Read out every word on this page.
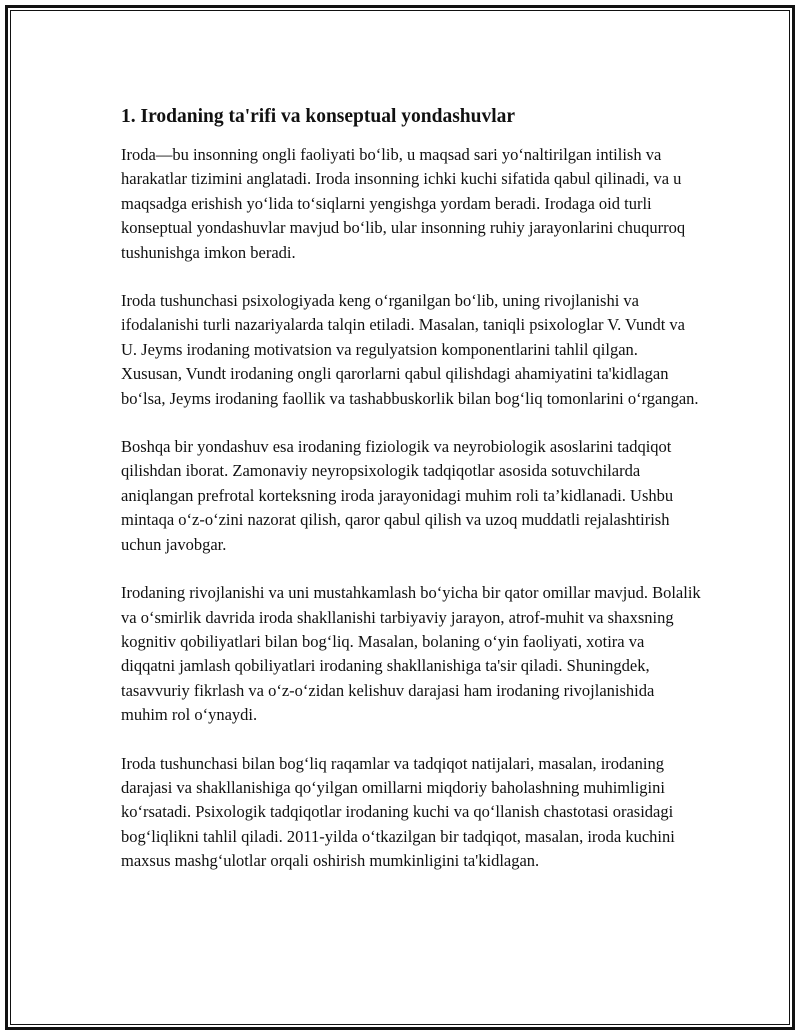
1. Irodaning ta'rifi va konseptual yondashuvlar

Iroda—bu insonning ongli faoliyati bo‘lib, u maqsad sari yo‘naltirilgan intilish va harakatlar tizimini anglatadi. Iroda insonning ichki kuchi sifatida qabul qilinadi, va u maqsadga erishish yo‘lida to‘siqlarni yengishga yordam beradi. Irodaga oid turli konseptual yondashuvlar mavjud bo‘lib, ular insonning ruhiy jarayonlarini chuqurroq tushunishga imkon beradi.

Iroda tushunchasi psixologiyada keng o‘rganilgan bo‘lib, uning rivojlanishi va ifodalanishi turli nazariyalarda talqin etiladi. Masalan, taniqli psixologlar V. Vundt va U. Jeyms irodaning motivatsion va regulyatsion komponentlarini tahlil qilgan. Xususan, Vundt irodaning ongli qarorlarni qabul qilishdagi ahamiyatini ta'kidlagan bo‘lsa, Jeyms irodaning faollik va tashabbuskorlik bilan bog‘liq tomonlarini o‘rgangan.

Boshqa bir yondashuv esa irodaning fiziologik va neyrobiologik asoslarini tadqiqot qilishdan iborat. Zamonaviy neyropsixologik tadqiqotlar asosida sotuvchilarda aniqlangan prefrotal korteksning iroda jarayonidagi muhim roli ta’kidlanadi. Ushbu mintaqa o‘z-o‘zini nazorat qilish, qaror qabul qilish va uzoq muddatli rejalashtirish uchun javobgar.

Irodaning rivojlanishi va uni mustahkamlash bo‘yicha bir qator omillar mavjud. Bolalik va o‘smirlik davrida iroda shakllanishi tarbiyaviy jarayon, atrof-muhit va shaxsning kognitiv qobiliyatlari bilan bog‘liq. Masalan, bolaning o‘yin faoliyati, xotira va diqqatni jamlash qobiliyatlari irodaning shakllanishiga ta'sir qiladi. Shuningdek, tasavvuriy fikrlash va o‘z-o‘zidan kelishuv darajasi ham irodaning rivojlanishida muhim rol o‘ynaydi.

Iroda tushunchasi bilan bog‘liq raqamlar va tadqiqot natijalari, masalan, irodaning darajasi va shakllanishiga qo‘yilgan omillarni miqdoriy baholashning muhimligini ko‘rsatadi. Psixologik tadqiqotlar irodaning kuchi va qo‘llanish chastotasi orasidagi bog‘liqlikni tahlil qiladi. 2011-yilda o‘tkazilgan bir tadqiqot, masalan, iroda kuchini maxsus mashg‘ulotlar orqali oshirish mumkinligini ta'kidlagan.
